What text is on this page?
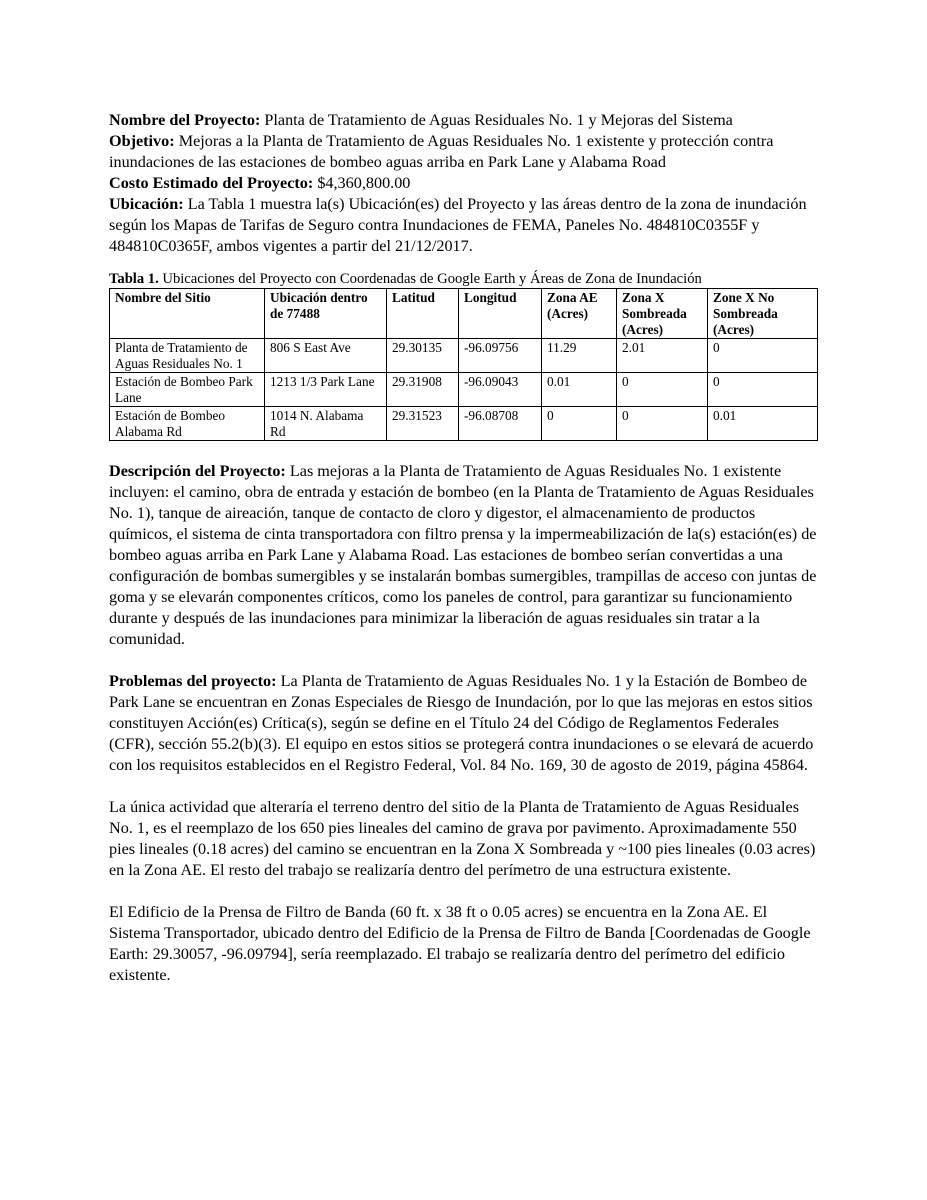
Nombre del Proyecto: Planta de Tratamiento de Aguas Residuales No. 1 y Mejoras del Sistema

Objetivo: Mejoras a la Planta de Tratamiento de Aguas Residuales No. 1 existente y protección contra inundaciones de las estaciones de bombeo aguas arriba en Park Lane y Alabama Road

Costo Estimado del Proyecto: $4,360,800.00

Ubicación: La Tabla 1 muestra la(s) Ubicación(es) del Proyecto y las áreas dentro de la zona de inundación según los Mapas de Tarifas de Seguro contra Inundaciones de FEMA, Paneles No. 484810C0355F y 484810C0365F, ambos vigentes a partir del 21/12/2017.

Tabla 1. Ubicaciones del Proyecto con Coordenadas de Google Earth y Áreas de Zona de Inundación

Nombre del Sitio	Ubicación dentro de 77488	Latitud	Longitud	Zona AE (Acres)	Zona X Sombreada (Acres)	Zone X No Sombreada (Acres)
Planta de Tratamiento de Aguas Residuales No. 1	806 S East Ave	29.30135	-96.09756	11.29	2.01	0
Estación de Bombeo Park Lane	1213 1/3 Park Lane	29.31908	-96.09043	0.01	0	0
Estación de Bombeo Alabama Rd	1014 N. Alabama Rd	29.31523	-96.08708	0	0	0.01

Descripción del Proyecto: Las mejoras a la Planta de Tratamiento de Aguas Residuales No. 1 existente incluyen: el camino, obra de entrada y estación de bombeo (en la Planta de Tratamiento de Aguas Residuales No. 1), tanque de aireación, tanque de contacto de cloro y digestor, el almacenamiento de productos químicos, el sistema de cinta transportadora con filtro prensa y la impermeabilización de la(s) estación(es) de bombeo aguas arriba en Park Lane y Alabama Road. Las estaciones de bombeo serían convertidas a una configuración de bombas sumergibles y se instalarán bombas sumergibles, trampillas de acceso con juntas de goma y se elevarán componentes críticos, como los paneles de control, para garantizar su funcionamiento durante y después de las inundaciones para minimizar la liberación de aguas residuales sin tratar a la comunidad.

Problemas del proyecto: La Planta de Tratamiento de Aguas Residuales No. 1 y la Estación de Bombeo de Park Lane se encuentran en Zonas Especiales de Riesgo de Inundación, por lo que las mejoras en estos sitios constituyen Acción(es) Crítica(s), según se define en el Título 24 del Código de Reglamentos Federales (CFR), sección 55.2(b)(3). El equipo en estos sitios se protegerá contra inundaciones o se elevará de acuerdo con los requisitos establecidos en el Registro Federal, Vol. 84 No. 169, 30 de agosto de 2019, página 45864.

La única actividad que alteraría el terreno dentro del sitio de la Planta de Tratamiento de Aguas Residuales No. 1, es el reemplazo de los 650 pies lineales del camino de grava por pavimento. Aproximadamente 550 pies lineales (0.18 acres) del camino se encuentran en la Zona X Sombreada y ~100 pies lineales (0.03 acres) en la Zona AE. El resto del trabajo se realizaría dentro del perímetro de una estructura existente.

El Edificio de la Prensa de Filtro de Banda (60 ft. x 38 ft o 0.05 acres) se encuentra en la Zona AE. El Sistema Transportador, ubicado dentro del Edificio de la Prensa de Filtro de Banda [Coordenadas de Google Earth: 29.30057, -96.09794], sería reemplazado. El trabajo se realizaría dentro del perímetro del edificio existente.
